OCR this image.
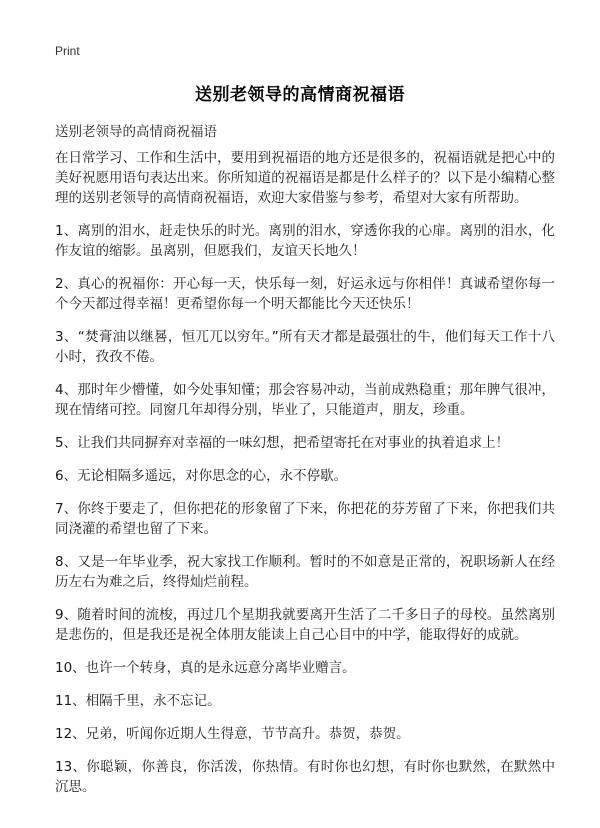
Print
送别老领导的高情商祝福语
送别老领导的高情商祝福语

在日常学习、工作和生活中，要用到祝福语的地方还是很多的，祝福语就是把心中的美好祝愿用语句表达出来。你所知道的祝福语是都是什么样子的？以下是小编精心整理的送别老领导的高情商祝福语，欢迎大家借鉴与参考，希望对大家有所帮助。

1、离别的泪水，赶走快乐的时光。离别的泪水，穿透你我的心扉。离别的泪水，化作友谊的缩影。虽离别，但愿我们，友谊天长地久！

2、真心的祝福你：开心每一天，快乐每一刻，好运永远与你相伴！真诚希望你每一个今天都过得幸福！更希望你每一个明天都能比今天还快乐！

3、“焚膏油以继晷，恒兀兀以穷年。”所有天才都是最强壮的牛，他们每天工作十八小时，孜孜不倦。

4、那时年少懵懂，如今处事知懂；那会容易冲动，当前成熟稳重；那年脾气很冲，现在情绪可控。同窗几年却得分别，毕业了，只能道声，朋友，珍重。

5、让我们共同摒弃对幸福的一味幻想，把希望寄托在对事业的执着追求上！

6、无论相隔多遥远，对你思念的心，永不停歇。

7、你终于要走了，但你把花的形象留了下来，你把花的芬芳留了下来，你把我们共同浇灌的希望也留了下来。

8、又是一年毕业季，祝大家找工作顺利。暂时的不如意是正常的，祝职场新人在经历左右为难之后，终得灿烂前程。

9、随着时间的流梭，再过几个星期我就要离开生活了二千多日子的母校。虽然离别是悲伤的，但是我还是祝全体朋友能读上自己心目中的中学，能取得好的成就。

10、也许一个转身，真的是永远意分离毕业赠言。

11、相隔千里，永不忘记。

12、兄弟，听闻你近期人生得意，节节高升。恭贺，恭贺。

13、你聪颖，你善良，你活泼，你热情。有时你也幻想，有时你也默然，在默然中沉思。
